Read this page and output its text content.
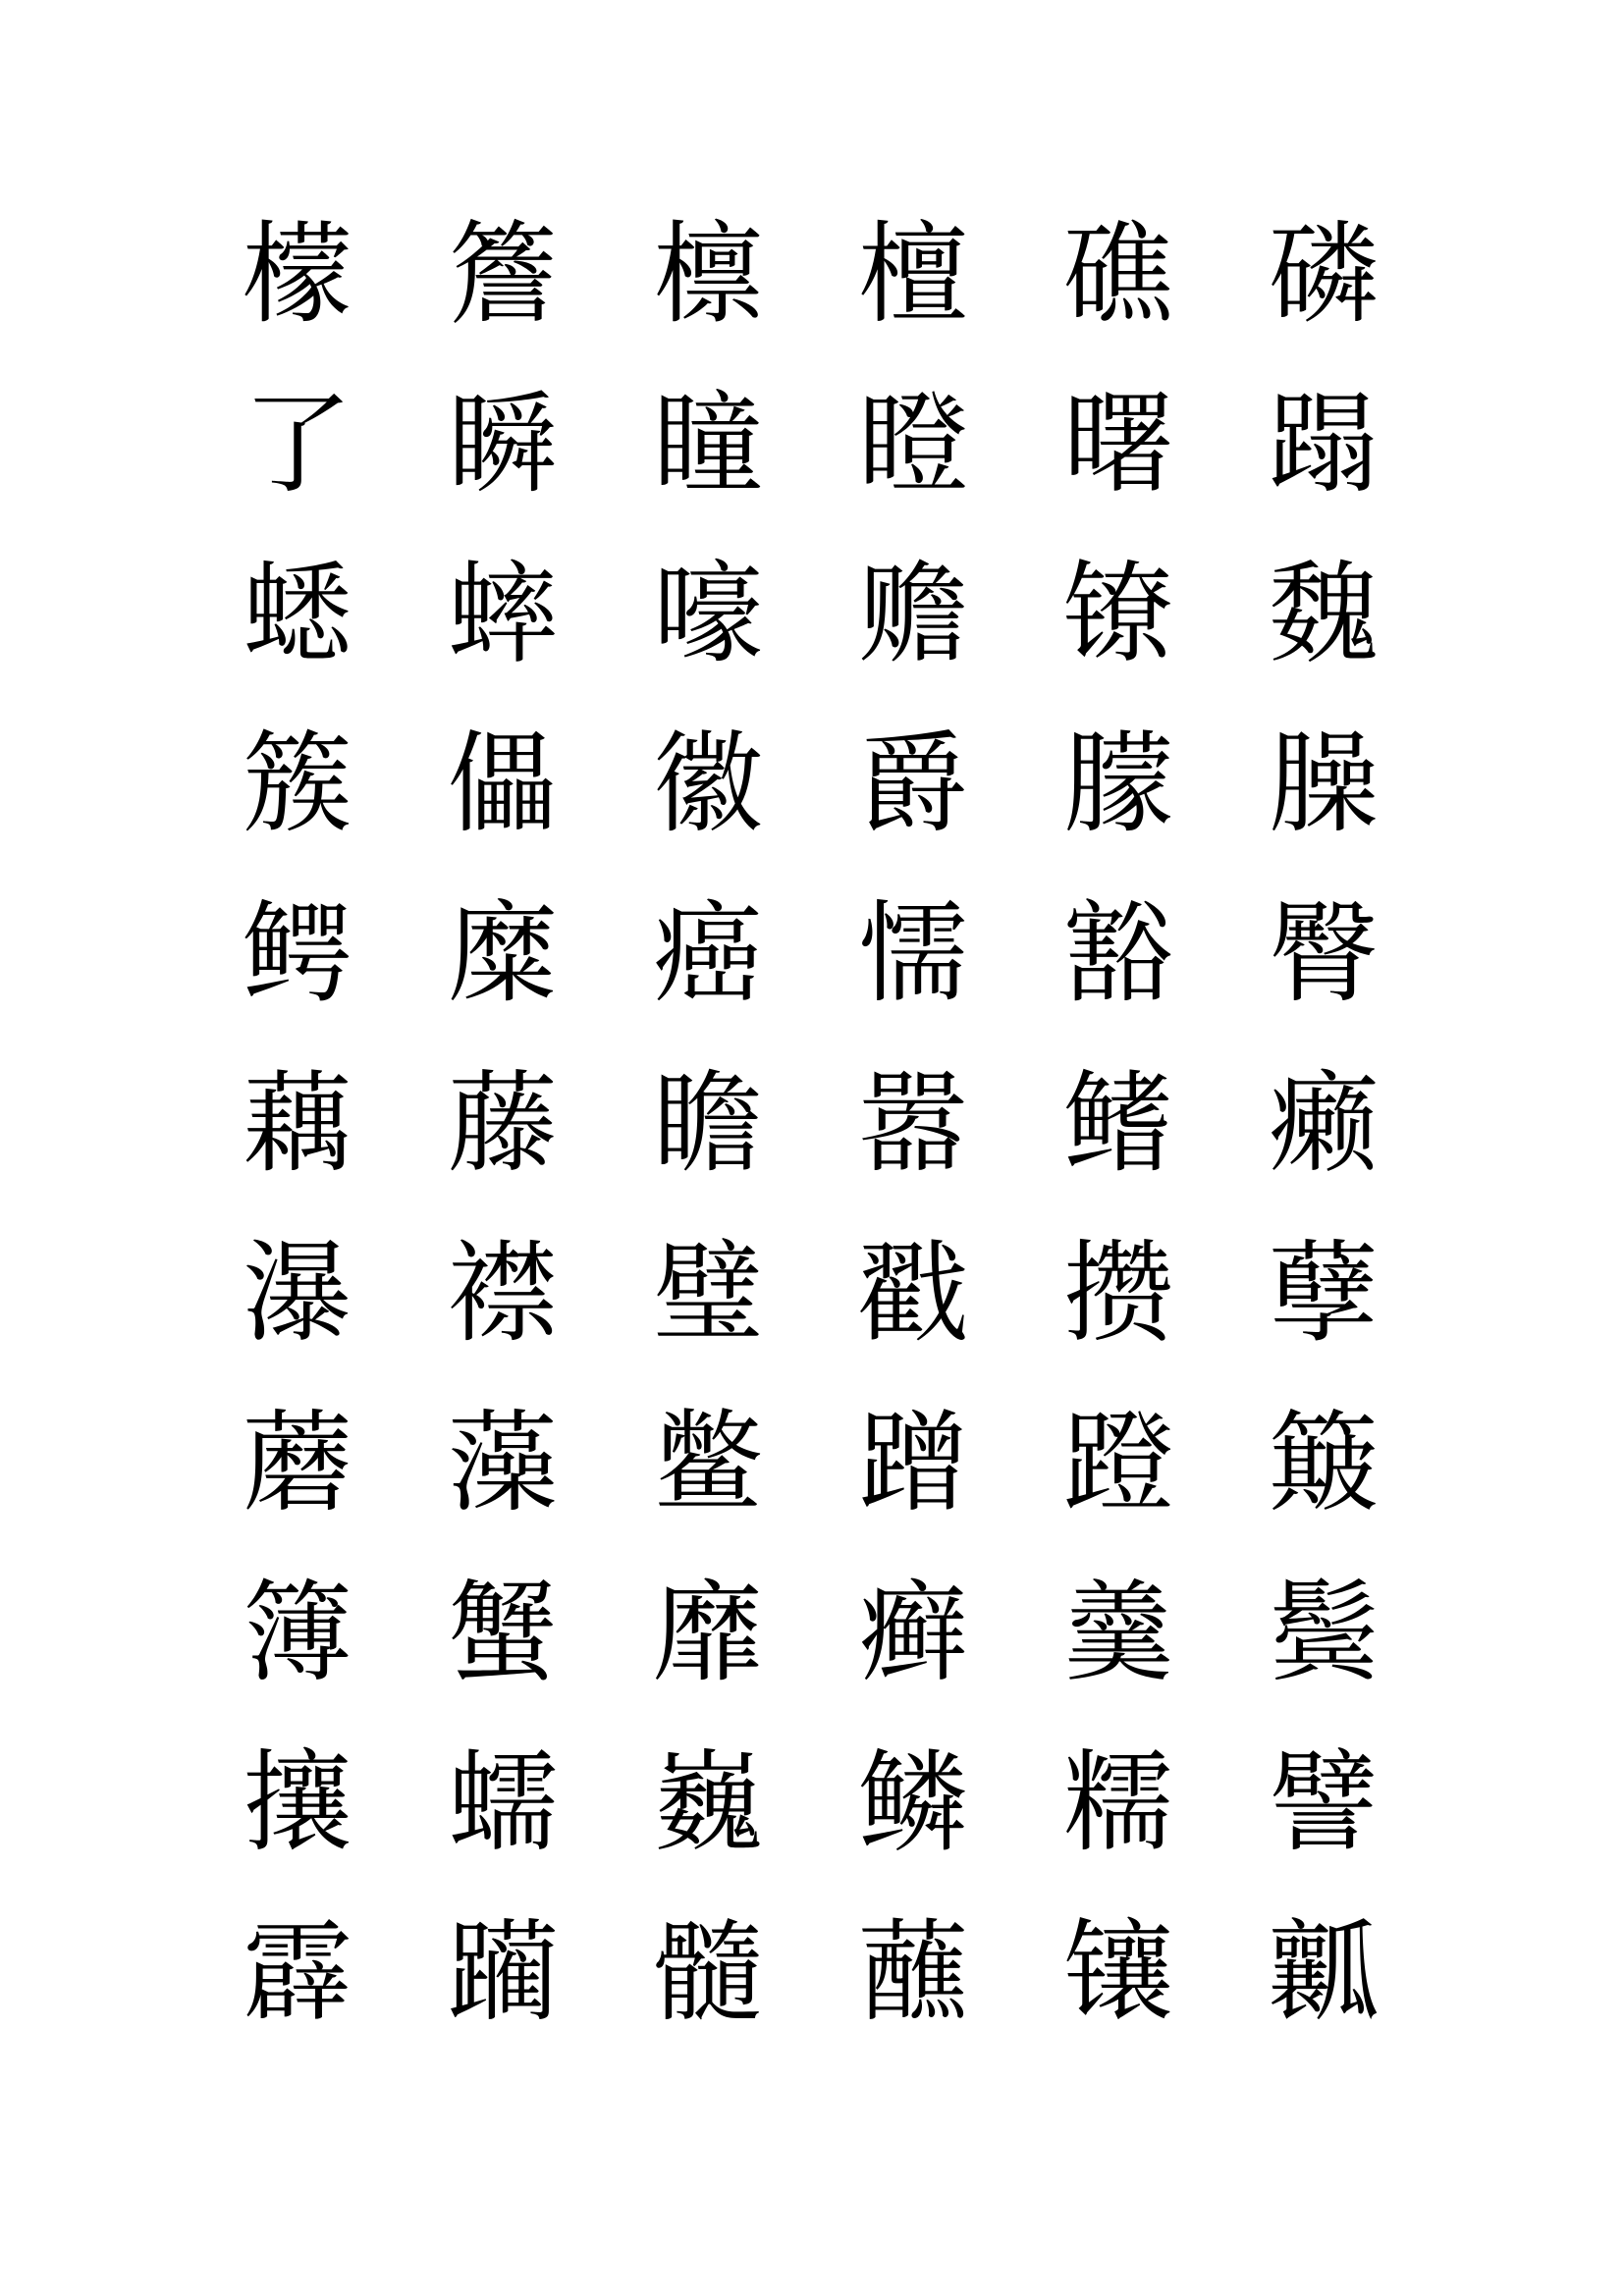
檬 簷 檩 檀 礁 磷
了 瞬 瞳 瞪 曙 蹋
蟋 蟀 嚎 赡 镣 魏
簇 儡 徽 爵 朦 臊
鳄 糜 癌 懦 豁 臀
藕 藤 瞻 嚣 鳍 癞
瀑 襟 璧 戳 攒 孽
蘑 藻 鳖 蹭 蹬 簸
簿 蟹 靡 癣 羹 鬓
攘 蠕 巍 鳞 糯 譬
霹 躏 髓 蘸 镶 瓤
